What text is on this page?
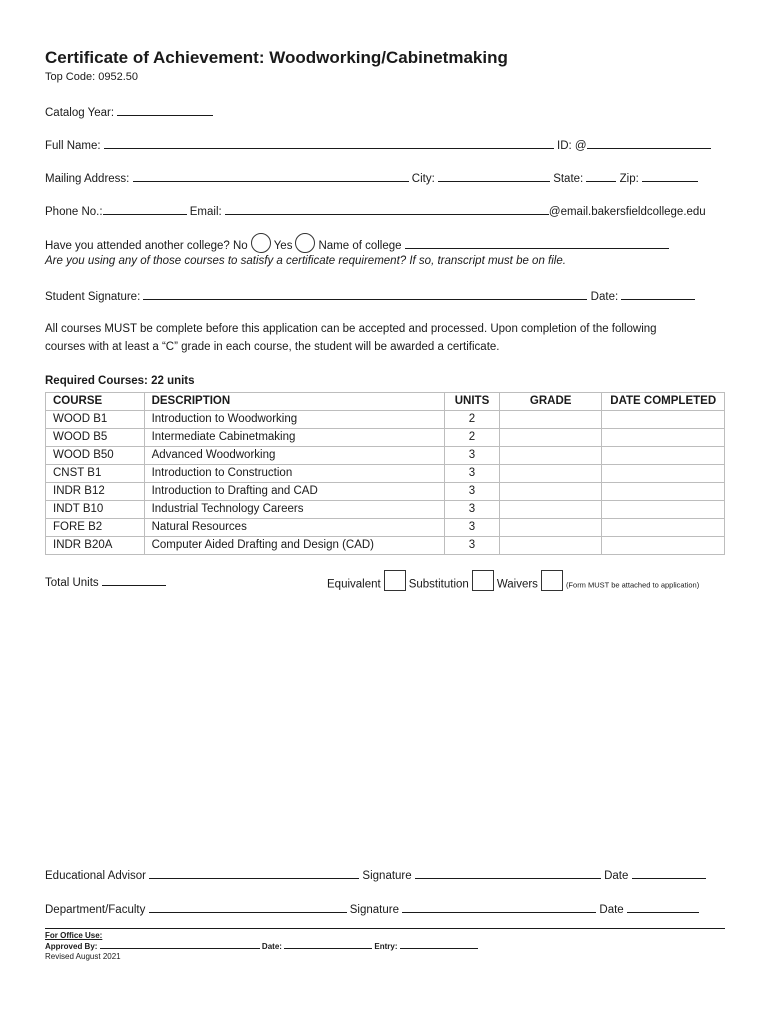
Certificate of Achievement: Woodworking/Cabinetmaking
Top Code: 0952.50
Catalog Year:
Full Name:	ID: @
Mailing Address:	City:	State:	Zip:
Phone No.:	Email:	@email.bakersfieldcollege.edu
Have you attended another college? No Yes Name of college
Are you using any of those courses to satisfy a certificate requirement? If so, transcript must be on file.
Student Signature:	Date:
All courses MUST be complete before this application can be accepted and processed. Upon completion of the following
courses with at least a “C” grade in each course, the student will be awarded a certificate.
Required Courses: 22 units
COURSE	DESCRIPTION	UNITS	GRADE	DATE COMPLETED
WOOD B1	Introduction to Woodworking	2		
WOOD B5	Intermediate Cabinetmaking	2		
WOOD B50	Advanced Woodworking	3		
CNST B1	Introduction to Construction	3		
INDR B12	Introduction to Drafting and CAD	3		
INDT B10	Industrial Technology Careers	3		
FORE B2	Natural Resources	3		
INDR B20A	Computer Aided Drafting and Design (CAD)	3		
Total Units	Equivalent Substitution Waivers	(Form MUST be attached to application)
Educational Advisor	Signature	Date
Department/Faculty	Signature	Date
For Office Use:
Approved By:	Date:	Entry:
Revised August 2021
